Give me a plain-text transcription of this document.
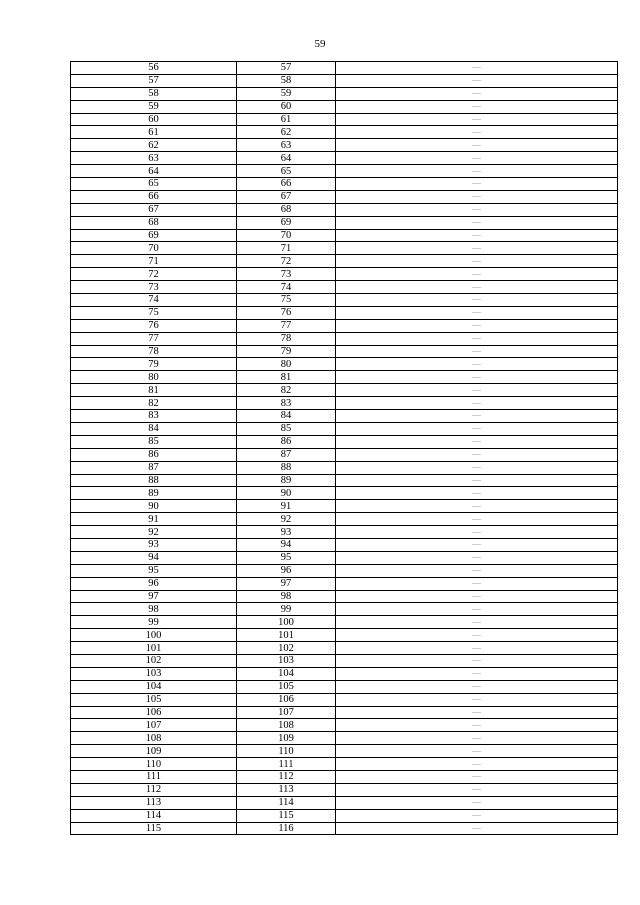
59
56	57	—
57	58	—
58	59	—
59	60	—
60	61	—
61	62	—
62	63	—
63	64	—
64	65	—
65	66	—
66	67	—
67	68	—
68	69	—
69	70	—
70	71	—
71	72	—
72	73	—
73	74	—
74	75	—
75	76	—
76	77	—
77	78	—
78	79	—
79	80	—
80	81	—
81	82	—
82	83	—
83	84	—
84	85	—
85	86	—
86	87	—
87	88	—
88	89	—
89	90	—
90	91	—
91	92	—
92	93	—
93	94	—
94	95	—
95	96	—
96	97	—
97	98	—
98	99	—
99	100	—
100	101	—
101	102	—
102	103	—
103	104	—
104	105	—
105	106	—
106	107	—
107	108	—
108	109	—
109	110	—
110	111	—
111	112	—
112	113	—
113	114	—
114	115	—
115	116	—
